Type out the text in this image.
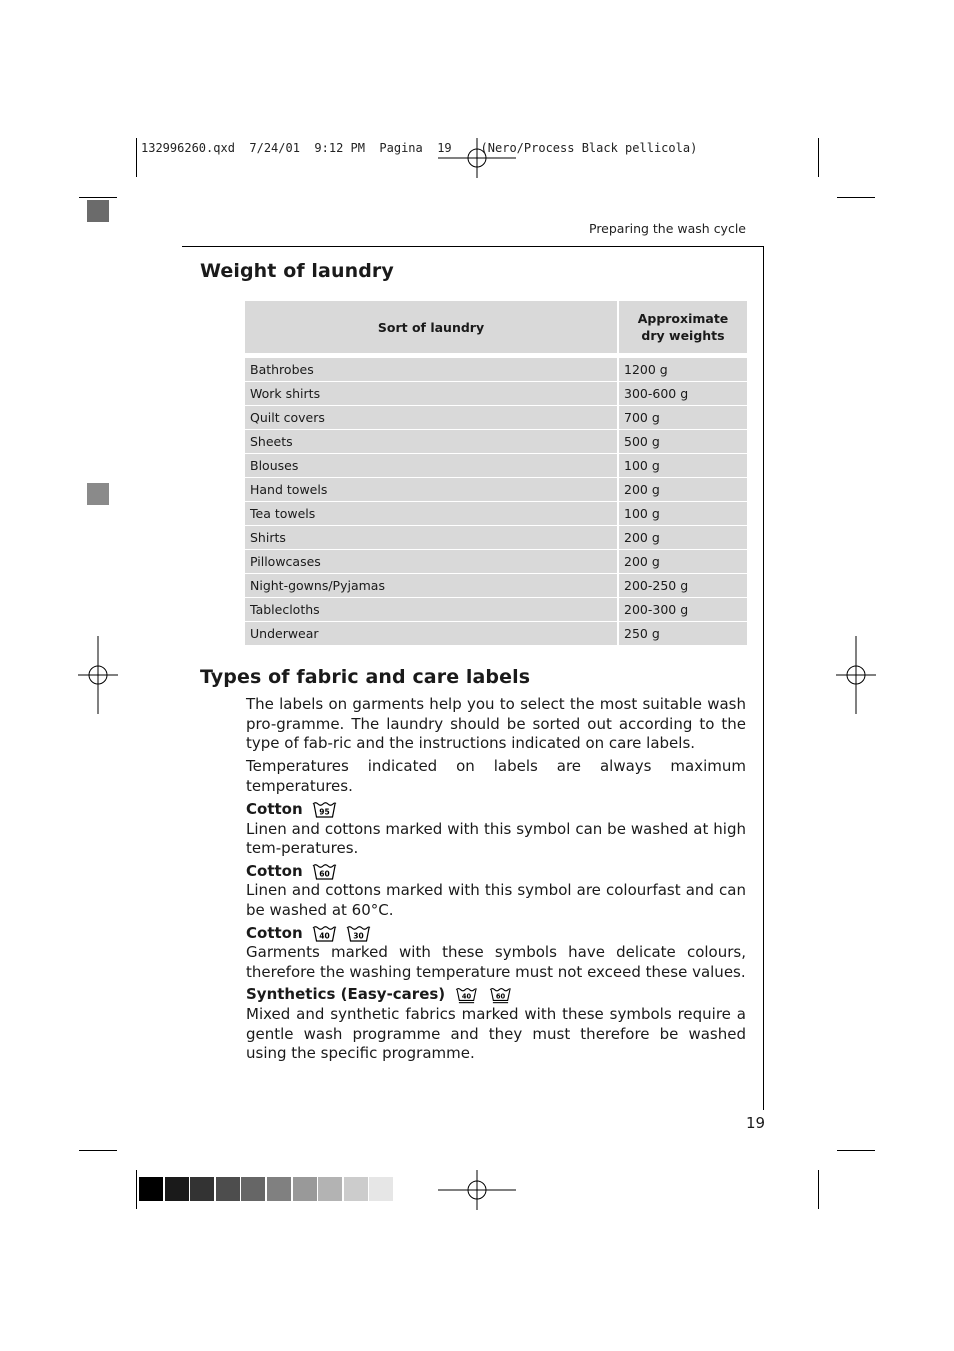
132996260.qxd  7/24/01  9:12 PM  Pagina  19    (Nero/Process Black pellicola)
Preparing the wash cycle
Weight of laundry
Sort of laundry	Approximate
dry weights
Bathrobes	1200 g
Work shirts	300-600 g
Quilt covers	700 g
Sheets	500 g
Blouses	100 g
Hand towels	200 g
Tea towels	100 g
Shirts	200 g
Pillowcases	200 g
Night-gowns/Pyjamas	200-250 g
Tablecloths	200-300 g
Underwear	250 g
Types of fabric and care labels

The labels on garments help you to select the most suitable wash pro-gramme. The laundry should be sorted out according to the type of fab-ric and the instructions indicated on care labels.

Temperatures indicated on labels are always maximum temperatures.

Cotton 95

Linen and cottons marked with this symbol can be washed at high tem-peratures.

Cotton 60

Linen and cottons marked with this symbol are colourfast and can be washed at 60°C.

Cotton 40	30

Garments marked with these symbols have delicate colours, therefore the washing temperature must not exceed these values.

Synthetics (Easy-cares) 40	60

Mixed and synthetic fabrics marked with these symbols require a gentle wash programme and they must therefore be washed using the specific programme.

19
